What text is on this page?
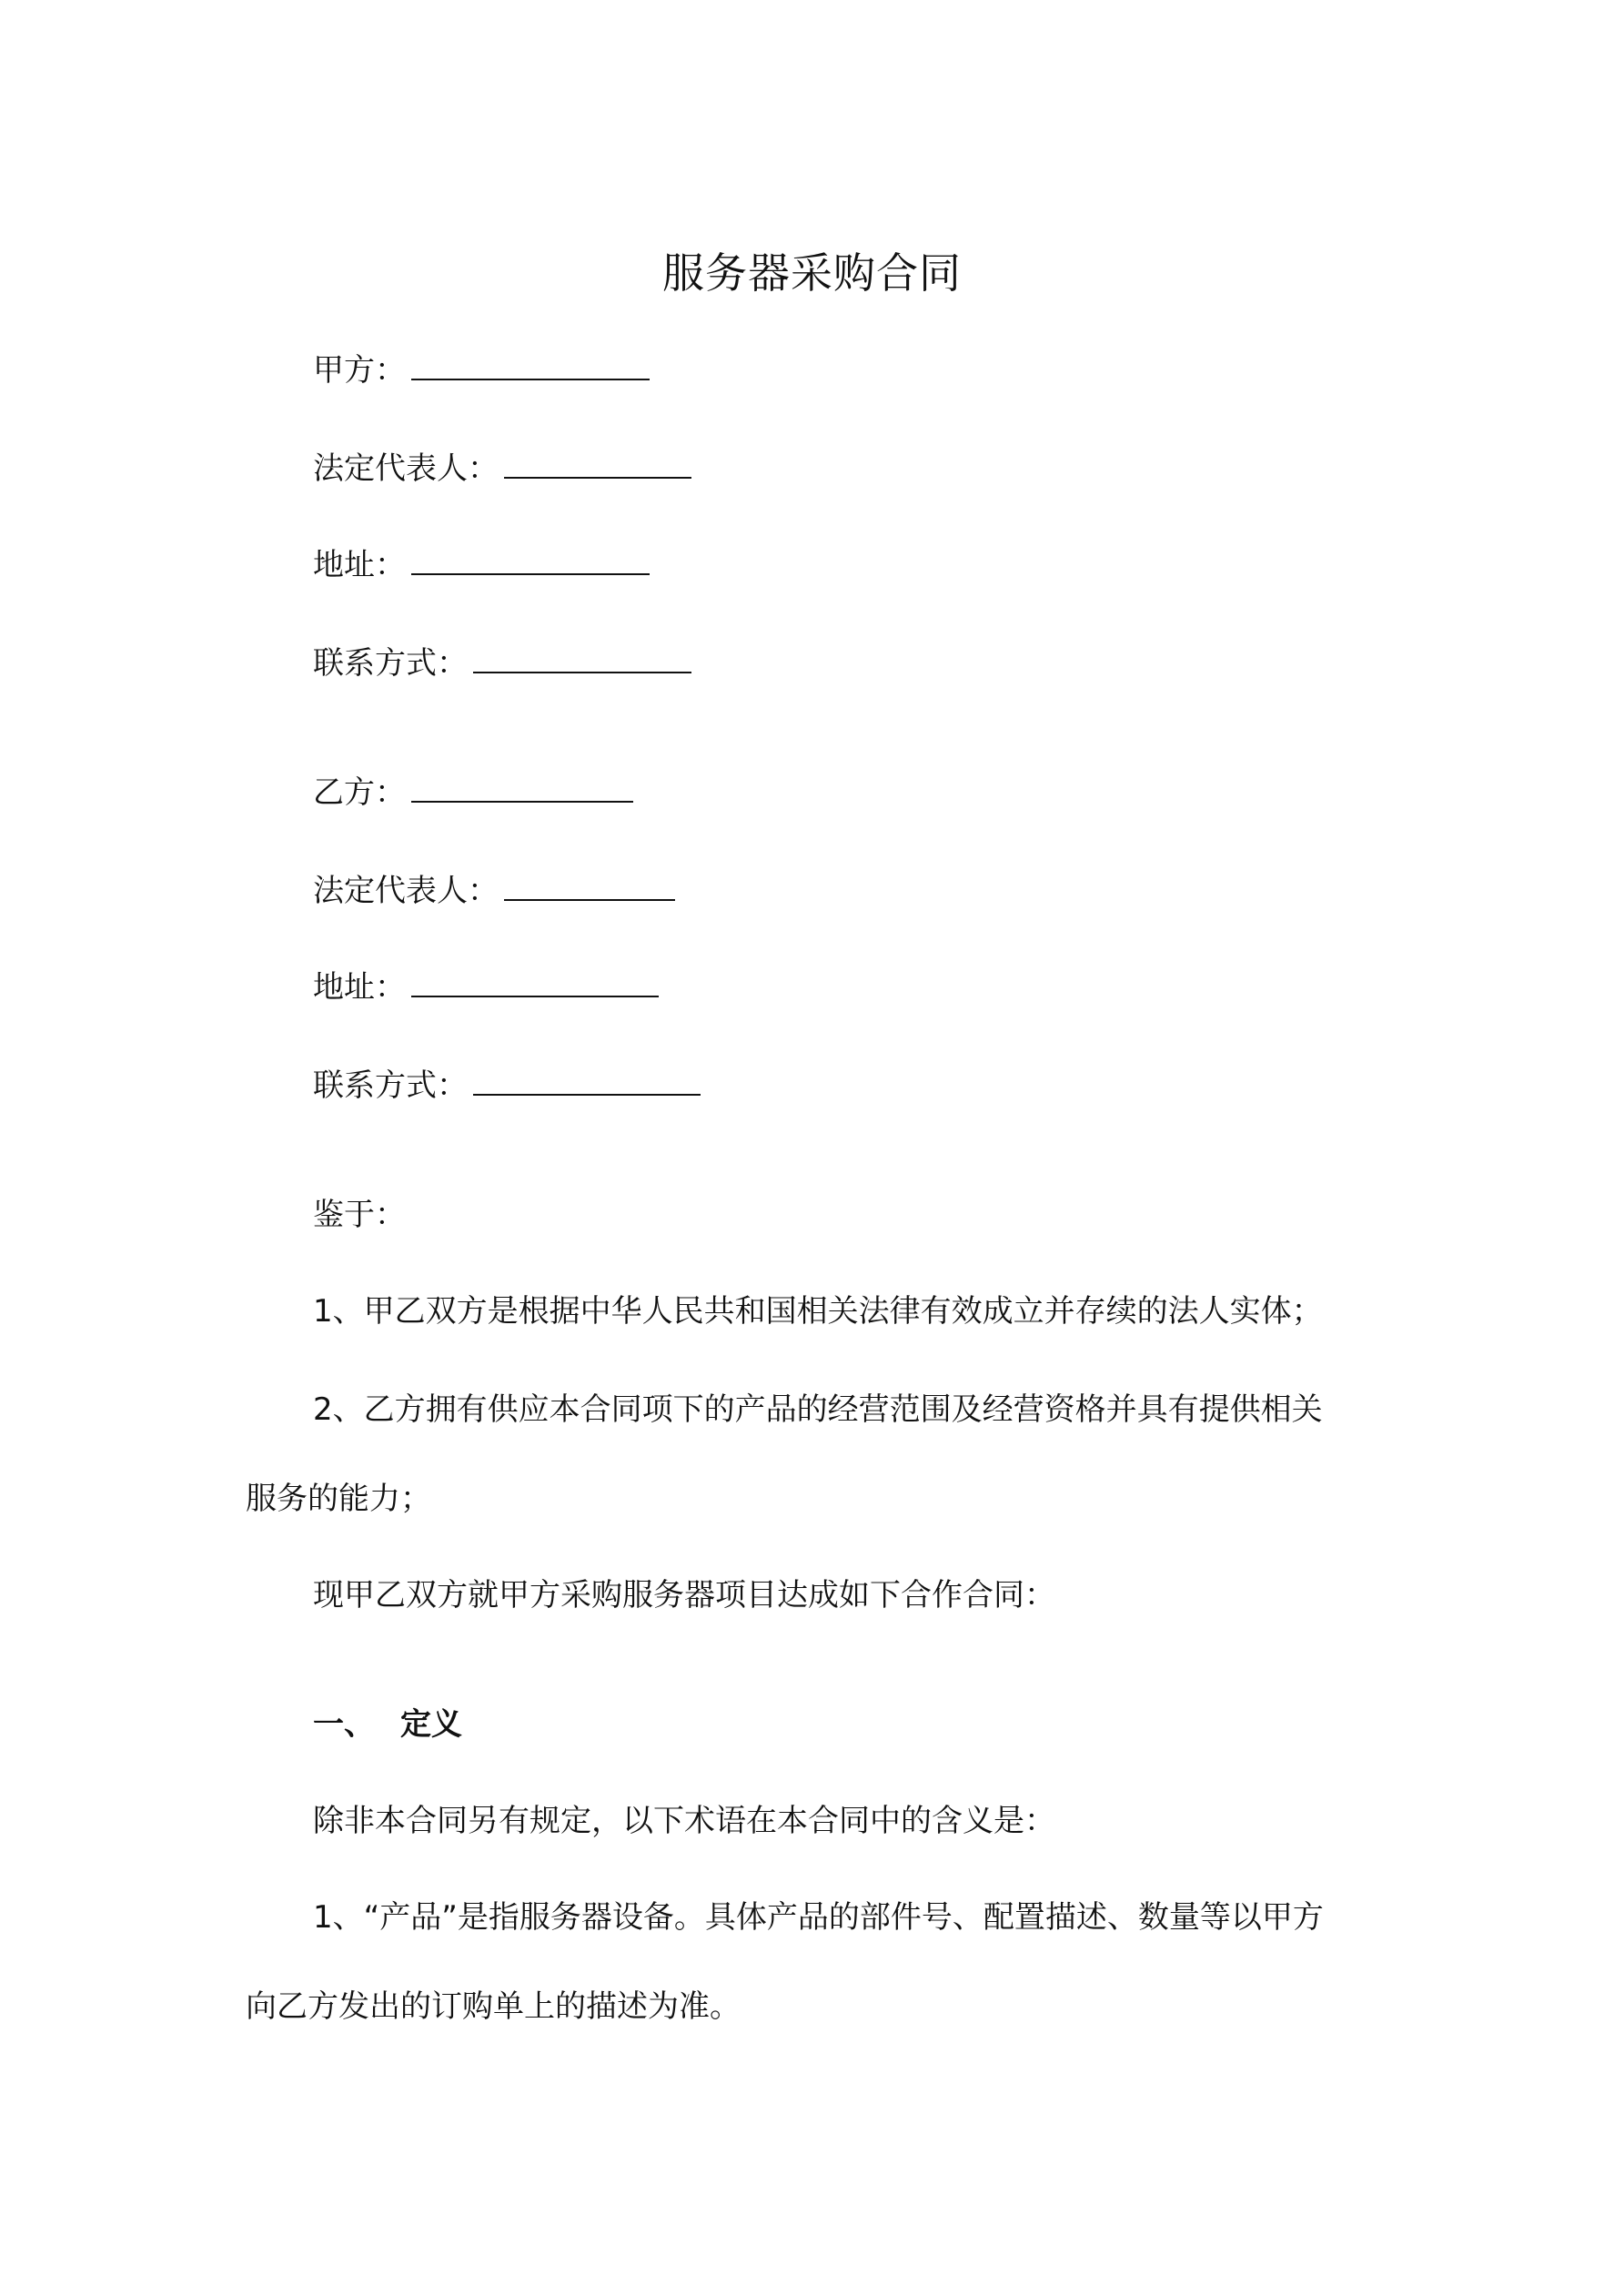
服务器采购合同
甲方：
法定代表人：
地址：
联系方式：
乙方：
法定代表人：
地址：
联系方式：
鉴于：
1、甲乙双方是根据中华人民共和国相关法律有效成立并存续的法人实体；
2、乙方拥有供应本合同项下的产品的经营范围及经营资格并具有提供相关
服务的能力；
现甲乙双方就甲方采购服务器项目达成如下合作合同：
一、 定义
除非本合同另有规定，以下术语在本合同中的含义是：
1、“产品”是指服务器设备。具体产品的部件号、配置描述、数量等以甲方
向乙方发出的订购单上的描述为准。
